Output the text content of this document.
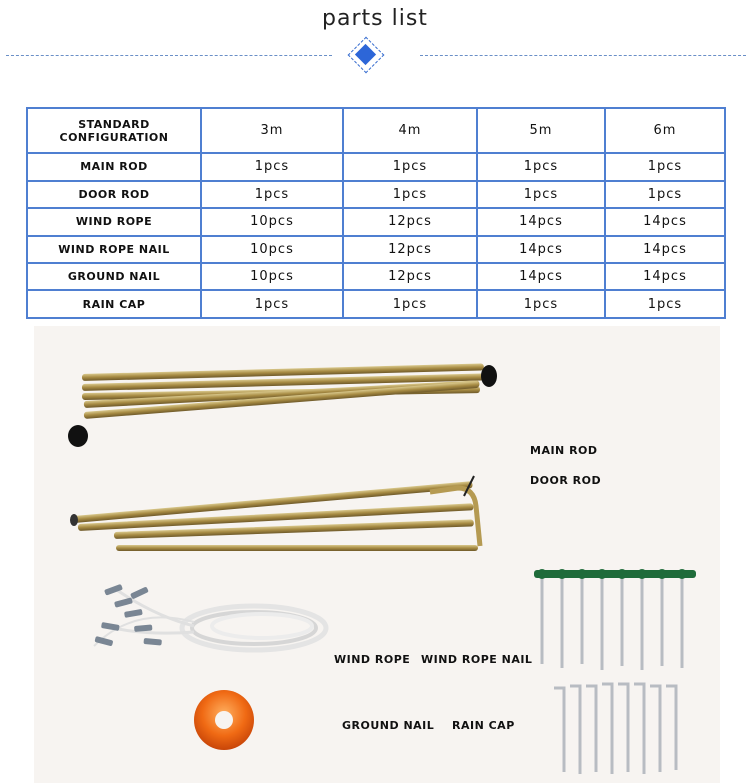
parts list
STANDARD CONFIGURATION	3m	4m	5m	6m
MAIN ROD	1pcs	1pcs	1pcs	1pcs
DOOR ROD	1pcs	1pcs	1pcs	1pcs
WIND ROPE	10pcs	12pcs	14pcs	14pcs
WIND ROPE NAIL	10pcs	12pcs	14pcs	14pcs
GROUND NAIL	10pcs	12pcs	14pcs	14pcs
RAIN CAP	1pcs	1pcs	1pcs	1pcs
MAIN ROD
DOOR ROD
WIND ROPE WIND ROPE NAIL
GROUND NAIL RAIN CAP
